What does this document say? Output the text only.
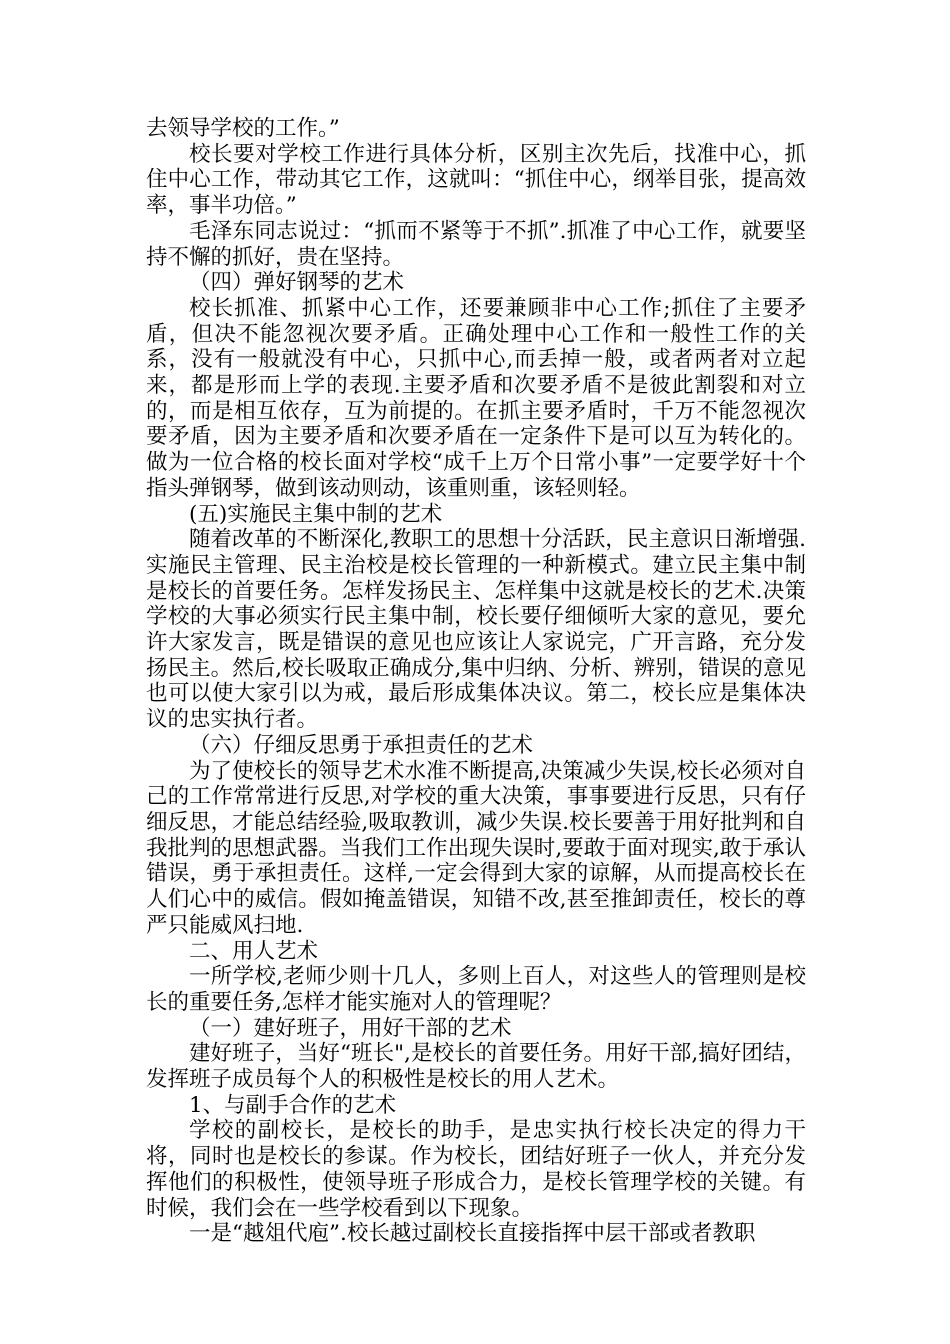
去领导学校的工作。”

校长要对学校工作进行具体分析，区别主次先后，找准中心，抓住中心工作，带动其它工作，这就叫：“抓住中心，纲举目张，提高效率，事半功倍。”

毛泽东同志说过：“抓而不紧等于不抓”.抓准了中心工作，就要坚持不懈的抓好，贵在坚持。

（四）弹好钢琴的艺术

校长抓准、抓紧中心工作，还要兼顾非中心工作;抓住了主要矛盾，但决不能忽视次要矛盾。正确处理中心工作和一般性工作的关系，没有一般就没有中心，只抓中心,而丢掉一般，或者两者对立起来，都是形而上学的表现.主要矛盾和次要矛盾不是彼此割裂和对立的，而是相互依存，互为前提的。在抓主要矛盾时，千万不能忽视次要矛盾，因为主要矛盾和次要矛盾在一定条件下是可以互为转化的。做为一位合格的校长面对学校“成千上万个日常小事”一定要学好十个指头弹钢琴，做到该动则动，该重则重，该轻则轻。

(五)实施民主集中制的艺术

随着改革的不断深化,教职工的思想十分活跃，民主意识日渐增强.实施民主管理、民主治校是校长管理的一种新模式。建立民主集中制是校长的首要任务。怎样发扬民主、怎样集中这就是校长的艺术.决策学校的大事必须实行民主集中制，校长要仔细倾听大家的意见，要允许大家发言，既是错误的意见也应该让人家说完，广开言路，充分发扬民主。然后,校长吸取正确成分,集中归纳、分析、辨别，错误的意见也可以使大家引以为戒，最后形成集体决议。第二，校长应是集体决议的忠实执行者。

（六）仔细反思勇于承担责任的艺术

为了使校长的领导艺术水准不断提高,决策减少失误,校长必须对自己的工作常常进行反思,对学校的重大决策，事事要进行反思，只有仔细反思，才能总结经验,吸取教训，减少失误.校长要善于用好批判和自我批判的思想武器。当我们工作出现失误时,要敢于面对现实,敢于承认错误，勇于承担责任。这样,一定会得到大家的谅解，从而提高校长在人们心中的威信。假如掩盖错误，知错不改,甚至推卸责任，校长的尊严只能威风扫地.

二、用人艺术

一所学校,老师少则十几人，多则上百人，对这些人的管理则是校长的重要任务,怎样才能实施对人的管理呢？

（一）建好班子，用好干部的艺术

建好班子，当好“班长",是校长的首要任务。用好干部,搞好团结，发挥班子成员每个人的积极性是校长的用人艺术。

1、与副手合作的艺术

学校的副校长，是校长的助手，是忠实执行校长决定的得力干将，同时也是校长的参谋。作为校长，团结好班子一伙人，并充分发挥他们的积极性，使领导班子形成合力，是校长管理学校的关键。有时候，我们会在一些学校看到以下现象。

一是“越俎代庖”.校长越过副校长直接指挥中层干部或者教职
